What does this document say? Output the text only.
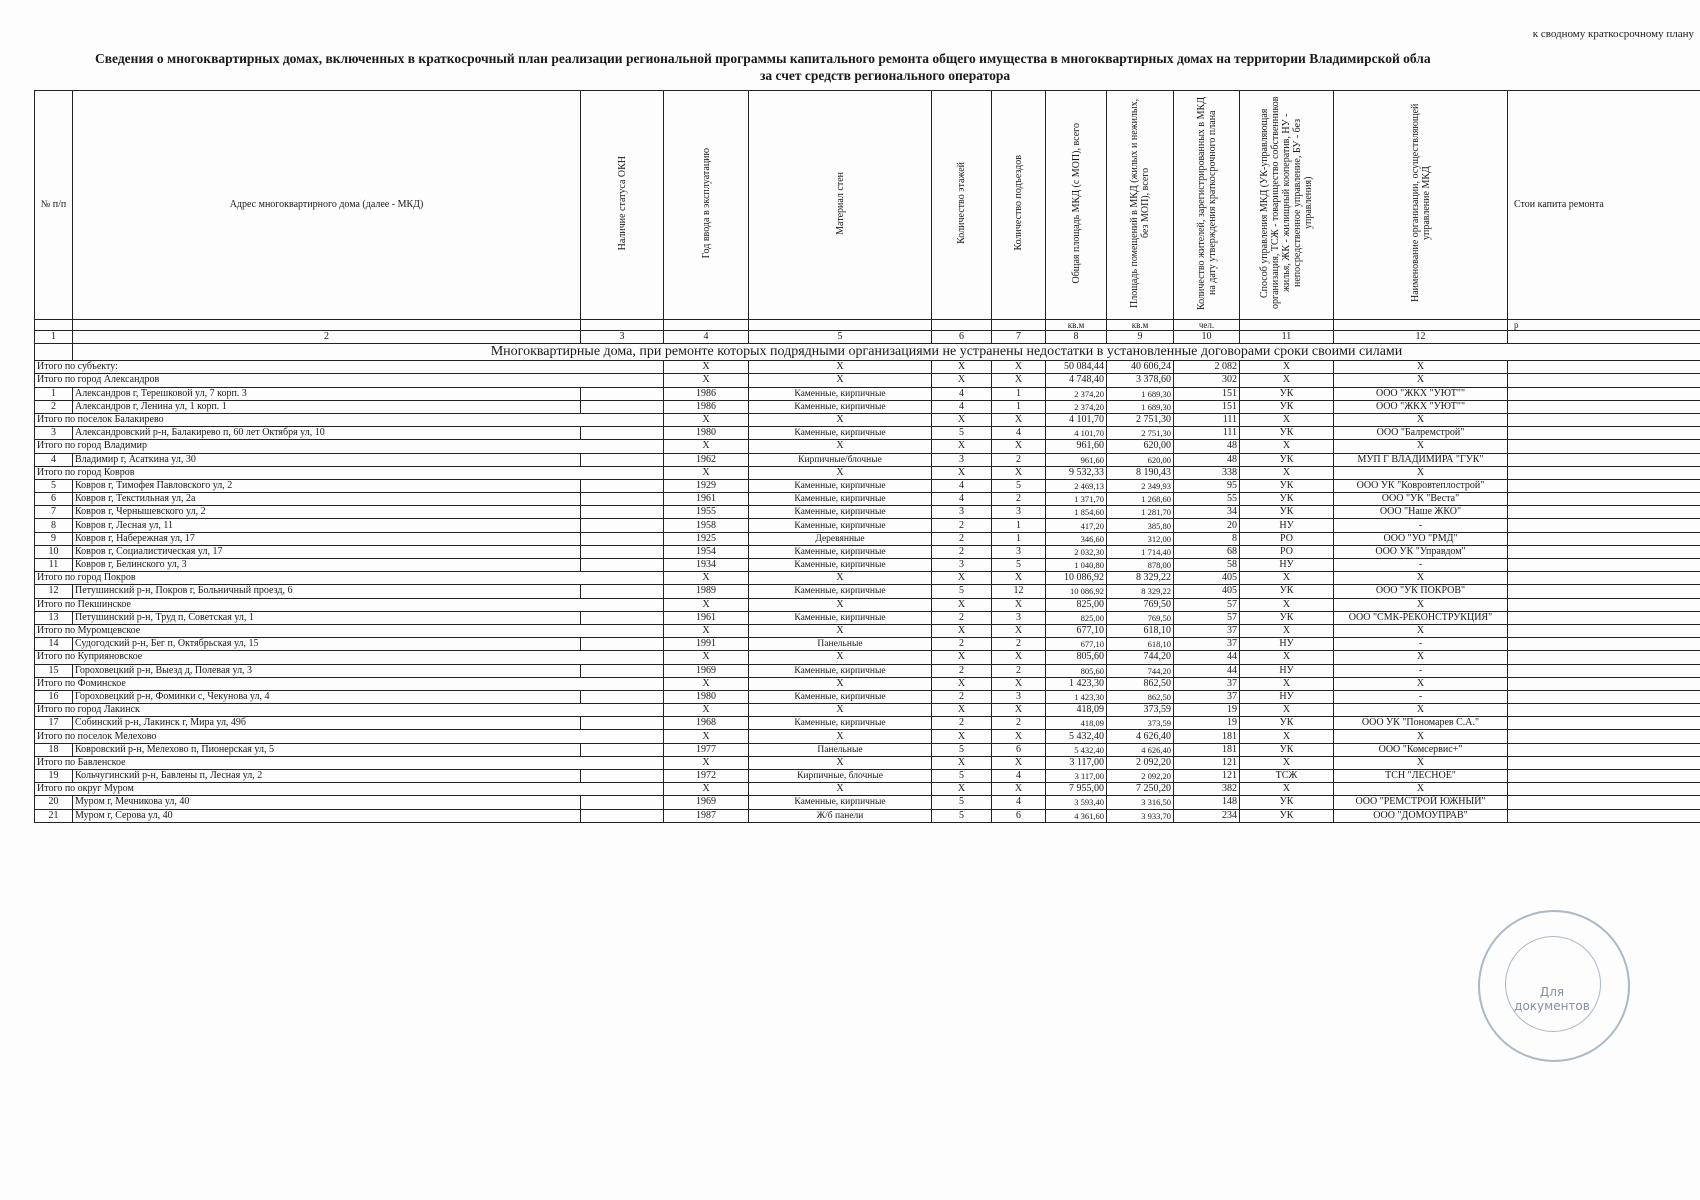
к сводному краткосрочному плану
Сведения о многоквартирных домах, включенных в краткосрочный план реализации региональной программы капитального ремонта общего имущества в многоквартирных домах на территории Владимирской обла
за счет средств регионального оператора
№ п/п	Адрес многоквартирного дома (далее - МКД)	Наличие статуса ОКН	Год ввода в эксплуатацию	Материал стен	Количество этажей	Количество подъездов	Общая площадь МКД (с МОП), всего	Площадь помещений в МКД (жилых и нежилых, без МОП), всего	Количество жителей, зарегистрированных в МКД на дату утверждения краткосрочного плана	Способ управления МКД (УК-управляющая организация, ТСЖ - товарищество собственников жилья, ЖК - жилищный кооператив, НУ - непосредственное управление, БУ - без управления)	Наименование организации, осуществляющей управление МКД	Стои капита ремонта
							кв.м	кв.м	чел.			р
1	2	3	4	5	6	7	8	9	10	11	12	
	Многоквартирные дома, при ремонте которых подрядными организациями не устранены недостатки в установленные договорами сроки своими силами											
Итого по субъекту:			X	X	X	X	50 084,44	40 606,24	2 082	X	X	
Итого по город Александров			X	X	X	X	4 748,40	3 378,60	302	X	X	
1	Александров г, Терешковой ул, 7 корп. 3		1986	Каменные, кирпичные	4	1	2 374,20	1 689,30	151	УК	ООО "ЖКХ "УЮТ""	
2	Александров г, Ленина ул, 1 корп. 1		1986	Каменные, кирпичные	4	1	2 374,20	1 689,30	151	УК	ООО "ЖКХ "УЮТ""	
Итого по поселок Балакирево			X	X	X	X	4 101,70	2 751,30	111	X	X	
3	Александровский р-н, Балакирево п, 60 лет Октября ул, 10		1980	Каменные, кирпичные	5	4	4 101,70	2 751,30	111	УК	ООО "Балремстрой"	
Итого по город Владимир			X	X	X	X	961,60	620,00	48	X	X	
4	Владимир г, Асаткина ул, 30		1962	Кирпичные/блочные	3	2	961,60	620,00	48	УК	МУП Г ВЛАДИМИРА "ГУК"	
Итого по город Ковров			X	X	X	X	9 532,33	8 190,43	338	X	X	
5	Ковров г, Тимофея Павловского ул, 2		1929	Каменные, кирпичные	4	5	2 469,13	2 349,93	95	УК	ООО УК "Ковровтеплострой"	
6	Ковров г, Текстильная ул, 2а		1961	Каменные, кирпичные	4	2	1 371,70	1 268,60	55	УК	ООО "УК "Веста"	
7	Ковров г, Чернышевского ул, 2		1955	Каменные, кирпичные	3	3	1 854,60	1 281,70	34	УК	ООО "Наше ЖКО"	
8	Ковров г, Лесная ул, 11		1958	Каменные, кирпичные	2	1	417,20	385,80	20	НУ	-	
9	Ковров г, Набережная ул, 17		1925	Деревянные	2	1	346,60	312,00	8	РО	ООО "УО "РМД"	
10	Ковров г, Социалистическая ул, 17		1954	Каменные, кирпичные	2	3	2 032,30	1 714,40	68	РО	ООО УК "Управдом"	
11	Ковров г, Белинского ул, 3		1934	Каменные, кирпичные	3	5	1 040,80	878,00	58	НУ	-	
Итого по город Покров			X	X	X	X	10 086,92	8 329,22	405	X	X	
12	Петушинский р-н, Покров г, Больничный проезд, 6		1989	Каменные, кирпичные	5	12	10 086,92	8 329,22	405	УК	ООО "УК ПОКРОВ"	
Итого по Пекшинское			X	X	X	X	825,00	769,50	57	X	X	
13	Петушинский р-н, Труд п, Советская ул, 1		1961	Каменные, кирпичные	2	3	825,00	769,50	57	УК	ООО "СМК-РЕКОНСТРУКЦИЯ"	
Итого по Муромцевское			X	X	X	X	677,10	618,10	37	X	X	
14	Судогодский р-н, Бег п, Октябрьская ул, 15		1991	Панельные	2	2	677,10	618,10	37	НУ	-	
Итого по Куприяновское			X	X	X	X	805,60	744,20	44	X	X	
15	Гороховецкий р-н, Выезд д, Полевая ул, 3		1969	Каменные, кирпичные	2	2	805,60	744,20	44	НУ	-	
Итого по Фоминское			X	X	X	X	1 423,30	862,50	37	X	X	
16	Гороховецкий р-н, Фоминки с, Чекунова ул, 4		1980	Каменные, кирпичные	2	3	1 423,30	862,50	37	НУ	-	
Итого по город Лакинск			X	X	X	X	418,09	373,59	19	X	X	
17	Собинский р-н, Лакинск г, Мира ул, 49б		1968	Каменные, кирпичные	2	2	418,09	373,59	19	УК	ООО УК "Пономарев С.А."	
Итого по поселок Мелехово			X	X	X	X	5 432,40	4 626,40	181	X	X	
18	Ковровский р-н, Мелехово п, Пионерская ул, 5		1977	Панельные	5	6	5 432,40	4 626,40	181	УК	ООО "Комсервис+"	
Итого по Бавленское			X	X	X	X	3 117,00	2 092,20	121	X	X	
19	Кольчугинский р-н, Бавлены п, Лесная ул, 2		1972	Кирпичные, блочные	5	4	3 117,00	2 092,20	121	ТСЖ	ТСН "ЛЕСНОЕ"	
Итого по округ Муром			X	X	X	X	7 955,00	7 250,20	382	X	X	
20	Муром г, Мечникова ул, 40		1969	Каменные, кирпичные	5	4	3 593,40	3 316,50	148	УК	ООО "РЕМСТРОЙ ЮЖНЫЙ"	
21	Муром г, Серова ул, 40		1987	Ж/б панели	5	6	4 361,60	3 933,70	234	УК	ООО "ДОМОУПРАВ"	
Для документов
